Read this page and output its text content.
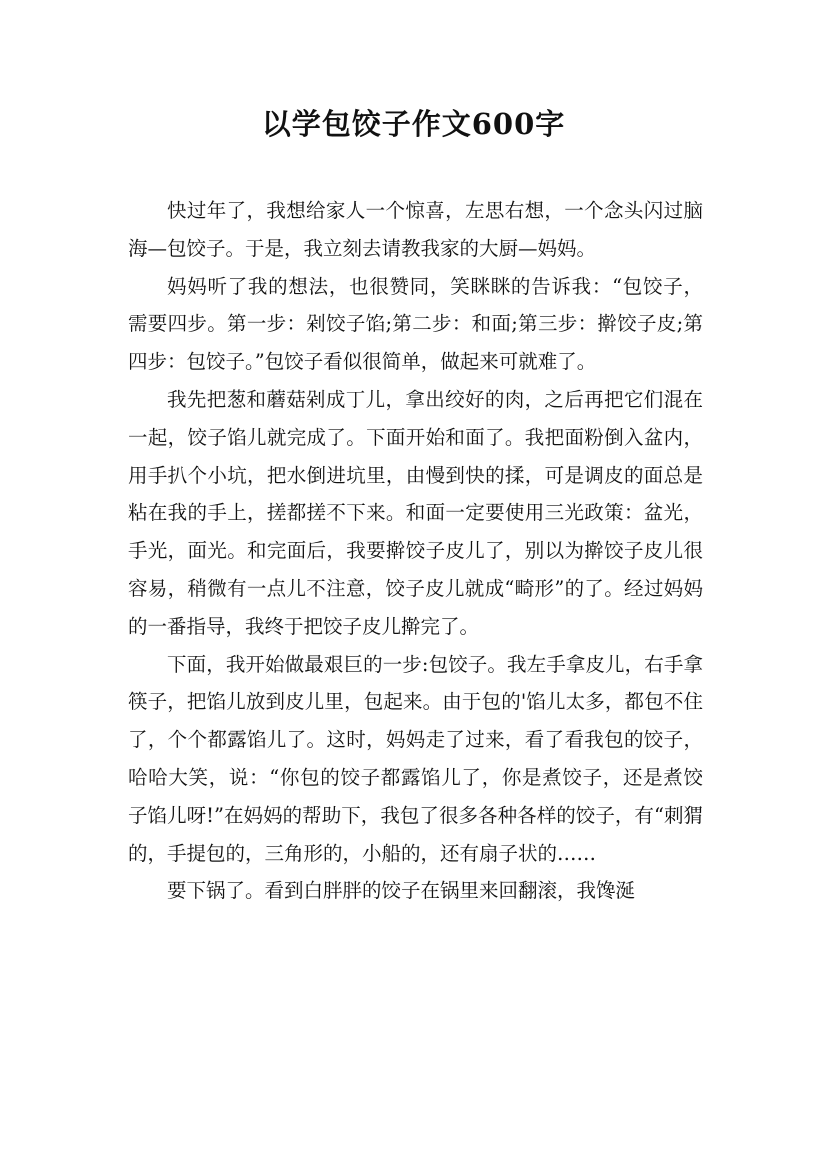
以学包饺子作文600字

快过年了，我想给家人一个惊喜，左思右想，一个念头闪过脑海—包饺子。于是，我立刻去请教我家的大厨—妈妈。

妈妈听了我的想法，也很赞同，笑眯眯的告诉我：“包饺子，需要四步。第一步：剁饺子馅;第二步：和面;第三步：擀饺子皮;第四步：包饺子。”包饺子看似很简单，做起来可就难了。

我先把葱和蘑菇剁成丁儿，拿出绞好的肉，之后再把它们混在一起，饺子馅儿就完成了。下面开始和面了。我把面粉倒入盆内，用手扒个小坑，把水倒进坑里，由慢到快的揉，可是调皮的面总是粘在我的手上，搓都搓不下来。和面一定要使用三光政策：盆光，手光，面光。和完面后，我要擀饺子皮儿了，别以为擀饺子皮儿很容易，稍微有一点儿不注意，饺子皮儿就成“畸形”的了。经过妈妈的一番指导，我终于把饺子皮儿擀完了。

下面，我开始做最艰巨的一步:包饺子。我左手拿皮儿，右手拿筷子，把馅儿放到皮儿里，包起来。由于包的'馅儿太多，都包不住了，个个都露馅儿了。这时，妈妈走了过来，看了看我包的饺子，哈哈大笑，说：“你包的饺子都露馅儿了，你是煮饺子，还是煮饺子馅儿呀!”在妈妈的帮助下，我包了很多各种各样的饺子，有“刺猬的，手提包的，三角形的，小船的，还有扇子状的……

要下锅了。看到白胖胖的饺子在锅里来回翻滚，我馋涎
